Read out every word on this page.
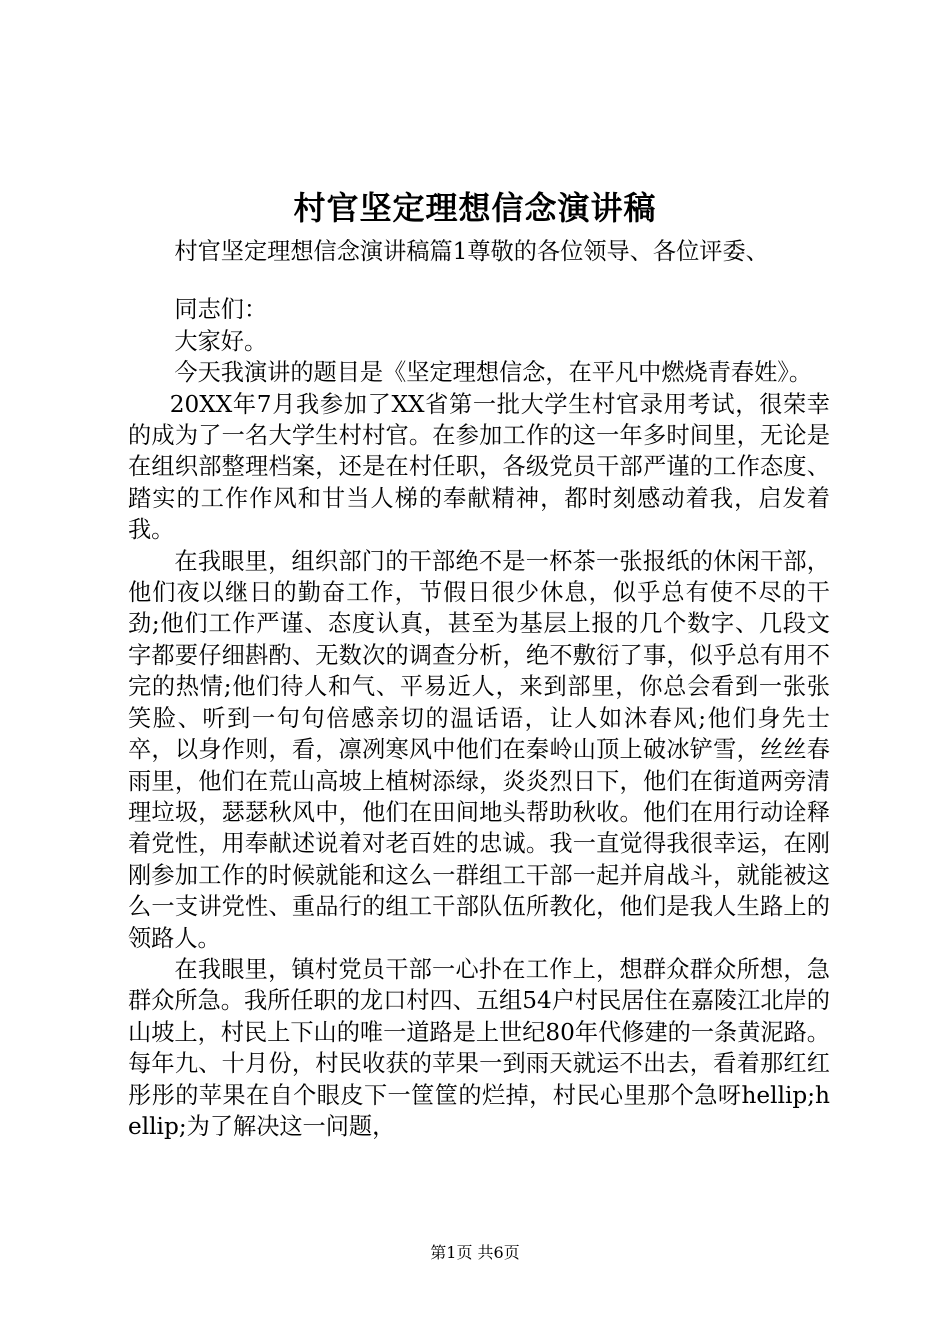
村官坚定理想信念演讲稿

村官坚定理想信念演讲稿篇1尊敬的各位领导、各位评委、

同志们：

大家好。

今天我演讲的题目是《坚定理想信念，在平凡中燃烧青春姓》。

20XX年7月我参加了XX省第一批大学生村官录用考试，很荣幸的成为了一名大学生村村官。在参加工作的这一年多时间里，无论是在组织部整理档案，还是在村任职，各级党员干部严谨的工作态度、踏实的工作作风和甘当人梯的奉献精神，都时刻感动着我，启发着我。

在我眼里，组织部门的干部绝不是一杯茶一张报纸的休闲干部，他们夜以继日的勤奋工作，节假日很少休息，似乎总有使不尽的干劲;他们工作严谨、态度认真，甚至为基层上报的几个数字、几段文字都要仔细斟酌、无数次的调查分析，绝不敷衍了事，似乎总有用不完的热情;他们待人和气、平易近人，来到部里，你总会看到一张张笑脸、听到一句句倍感亲切的温话语，让人如沐春风;他们身先士卒，以身作则，看，凛冽寒风中他们在秦岭山顶上破冰铲雪，丝丝春雨里，他们在荒山高坡上植树添绿，炎炎烈日下，他们在街道两旁清理垃圾，瑟瑟秋风中，他们在田间地头帮助秋收。他们在用行动诠释着党性，用奉献述说着对老百姓的忠诚。我一直觉得我很幸运，在刚刚参加工作的时候就能和这么一群组工干部一起并肩战斗，就能被这么一支讲党性、重品行的组工干部队伍所教化，他们是我人生路上的领路人。

在我眼里，镇村党员干部一心扑在工作上，想群众群众所想，急群众所急。我所任职的龙口村四、五组54户村民居住在嘉陵江北岸的山坡上，村民上下山的唯一道路是上世纪80年代修建的一条黄泥路。每年九、十月份，村民收获的苹果一到雨天就运不出去，看着那红红彤彤的苹果在自个眼皮下一筐筐的烂掉，村民心里那个急呀hellip;hellip;为了解决这一问题，

第1页 共6页
